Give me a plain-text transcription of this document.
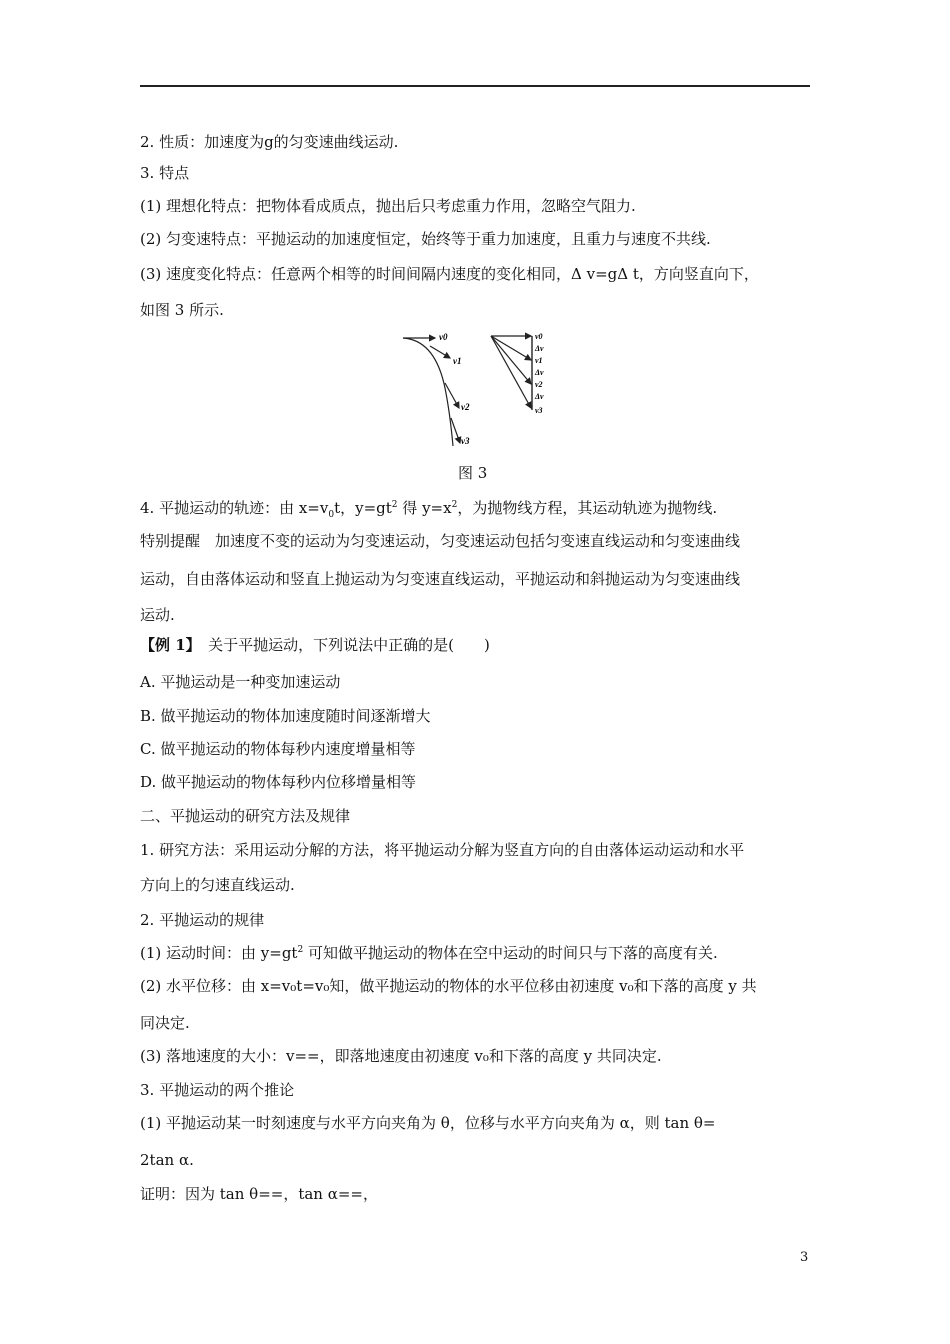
2. 性质：加速度为g的匀变速曲线运动.
3. 特点
(1) 理想化特点：把物体看成质点，抛出后只考虑重力作用，忽略空气阻力.
(2) 匀变速特点：平抛运动的加速度恒定，始终等于重力加速度，且重力与速度不共线.
(3) 速度变化特点：任意两个相等的时间间隔内速度的变化相同，Δ v=gΔ t，方向竖直向下，
如图 3 所示.
v0
v1
v2
v3
v0
Δv
v1
Δv
v2
Δv
v3
图 3
4. 平抛运动的轨迹：由 $x=v_0t$，$y=gt^2$ 得 $y=x^2$，为抛物线方程，其运动轨迹为抛物线.
特别提醒　加速度不变的运动为匀变速运动，匀变速运动包括匀变速直线运动和匀变速曲线
运动，自由落体运动和竖直上抛运动为匀变速直线运动，平抛运动和斜抛运动为匀变速曲线
运动.
【例 1】　关于平抛运动，下列说法中正确的是(　　)
A. 平抛运动是一种变加速运动
B. 做平抛运动的物体加速度随时间逐渐增大
C. 做平抛运动的物体每秒内速度增量相等
D. 做平抛运动的物体每秒内位移增量相等
二、平抛运动的研究方法及规律
1. 研究方法：采用运动分解的方法，将平抛运动分解为竖直方向的自由落体运动运动和水平
方向上的匀速直线运动.
2. 平抛运动的规律
(1) 运动时间：由 $y=gt^2$ 可知做平抛运动的物体在空中运动的时间只与下落的高度有关.
(2) 水平位移：由 x=v₀t=v₀知，做平抛运动的物体的水平位移由初速度 v₀和下落的高度 y 共
同决定.
(3) 落地速度的大小：v==，即落地速度由初速度 v₀和下落的高度 y 共同决定.
3. 平抛运动的两个推论
(1) 平抛运动某一时刻速度与水平方向夹角为 θ，位移与水平方向夹角为 α，则 tan θ=
2tan α.
证明：因为 tan θ==，tan α==，
3
